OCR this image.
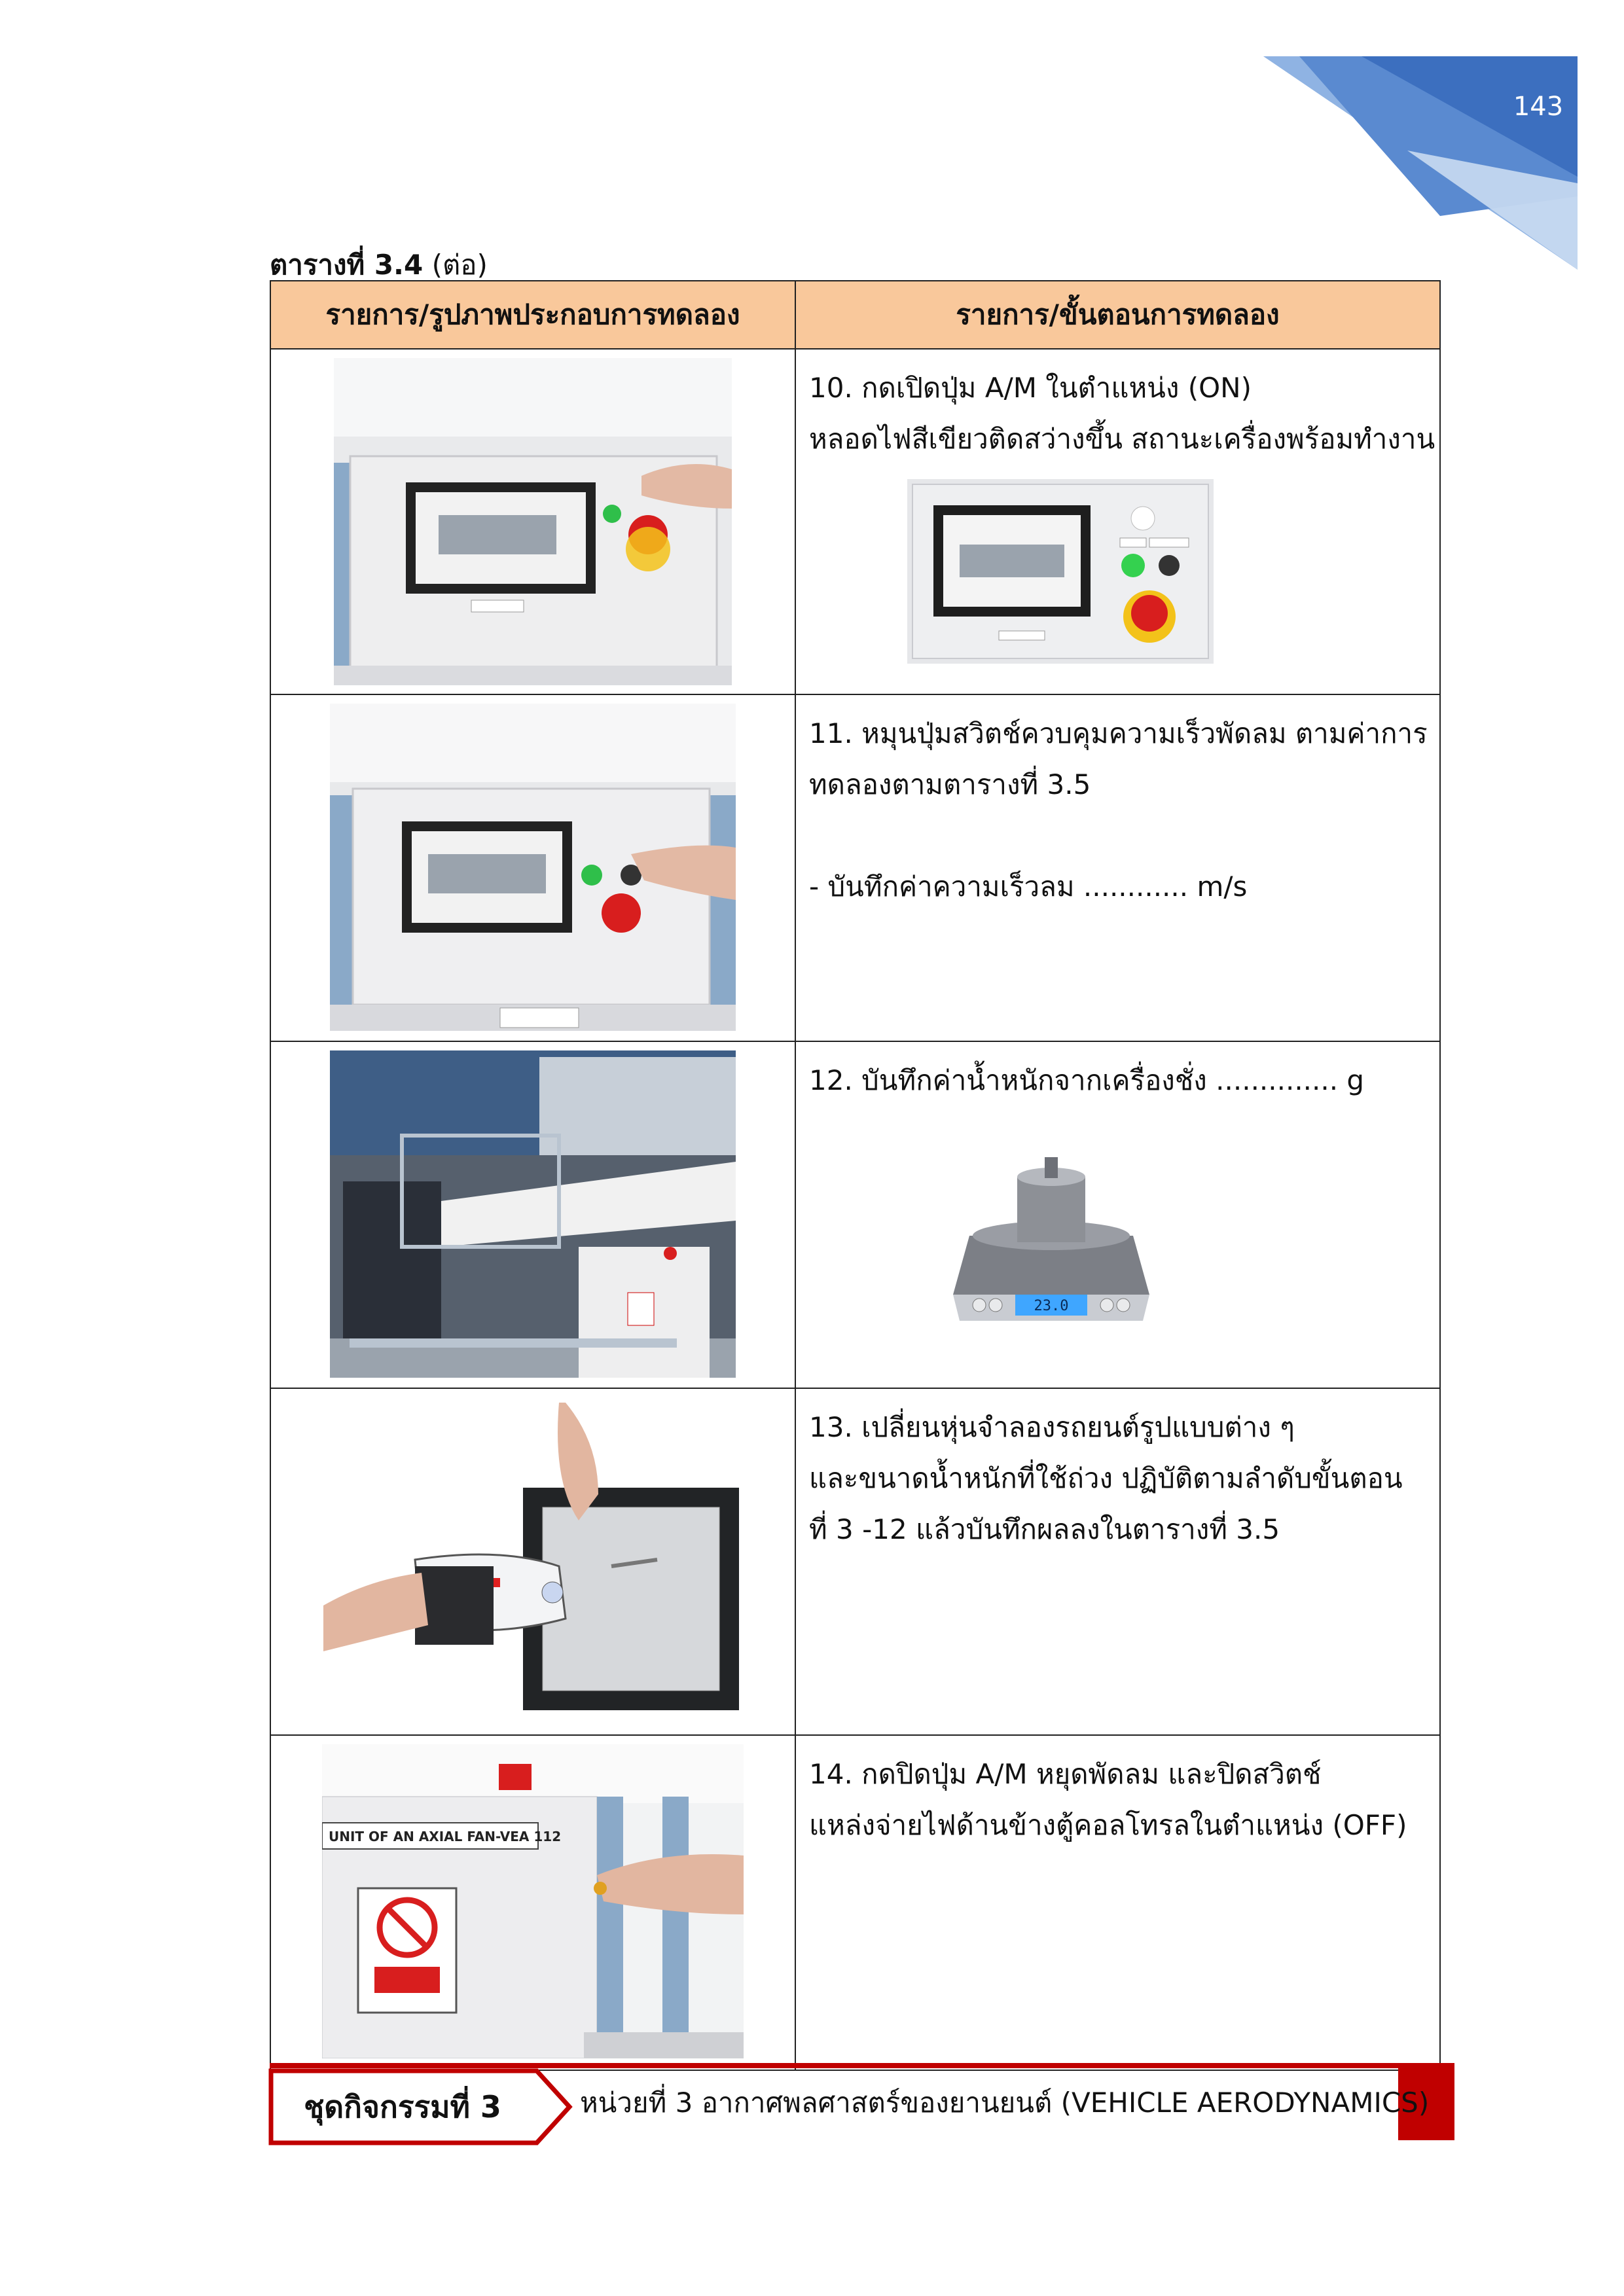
143
ตารางที่ 3.4 (ต่อ)
รายการ/รูปภาพประกอบการทดลอง	รายการ/ขั้นตอนการทดลอง

10. กดเปิดปุ่ม A/M ในตำแหน่ง (ON)
หลอดไฟสีเขียวติดสว่างขึ้น สถานะเครื่องพร้อมทำงาน

11. หมุนปุ่มสวิตช์ควบคุมความเร็วพัดลม ตามค่าการ
ทดลองตามตารางที่ 3.5
- บันทึกค่าความเร็วลม ............ m/s

12. บันทึกค่าน้ำหนักจากเครื่องชั่ง .............. g
23.0

13. เปลี่ยนหุ่นจำลองรถยนต์รูปแบบต่าง ๆ
และขนาดน้ำหนักที่ใช้ถ่วง ปฏิบัติตามลำดับขั้นตอน
ที่ 3 -12 แล้วบันทึกผลลงในตารางที่ 3.5

UNIT OF AN AXIAL FAN-VEA 112	14. กดปิดปุ่ม A/M หยุดพัดลม และปิดสวิตช์
แหล่งจ่ายไฟด้านข้างตู้คอลโทรลในตำแหน่ง (OFF)
ชุดกิจกรรมที่ 3	หน่วยที่ 3 อากาศพลศาสตร์ของยานยนต์ (VEHICLE AERODYNAMICS)
